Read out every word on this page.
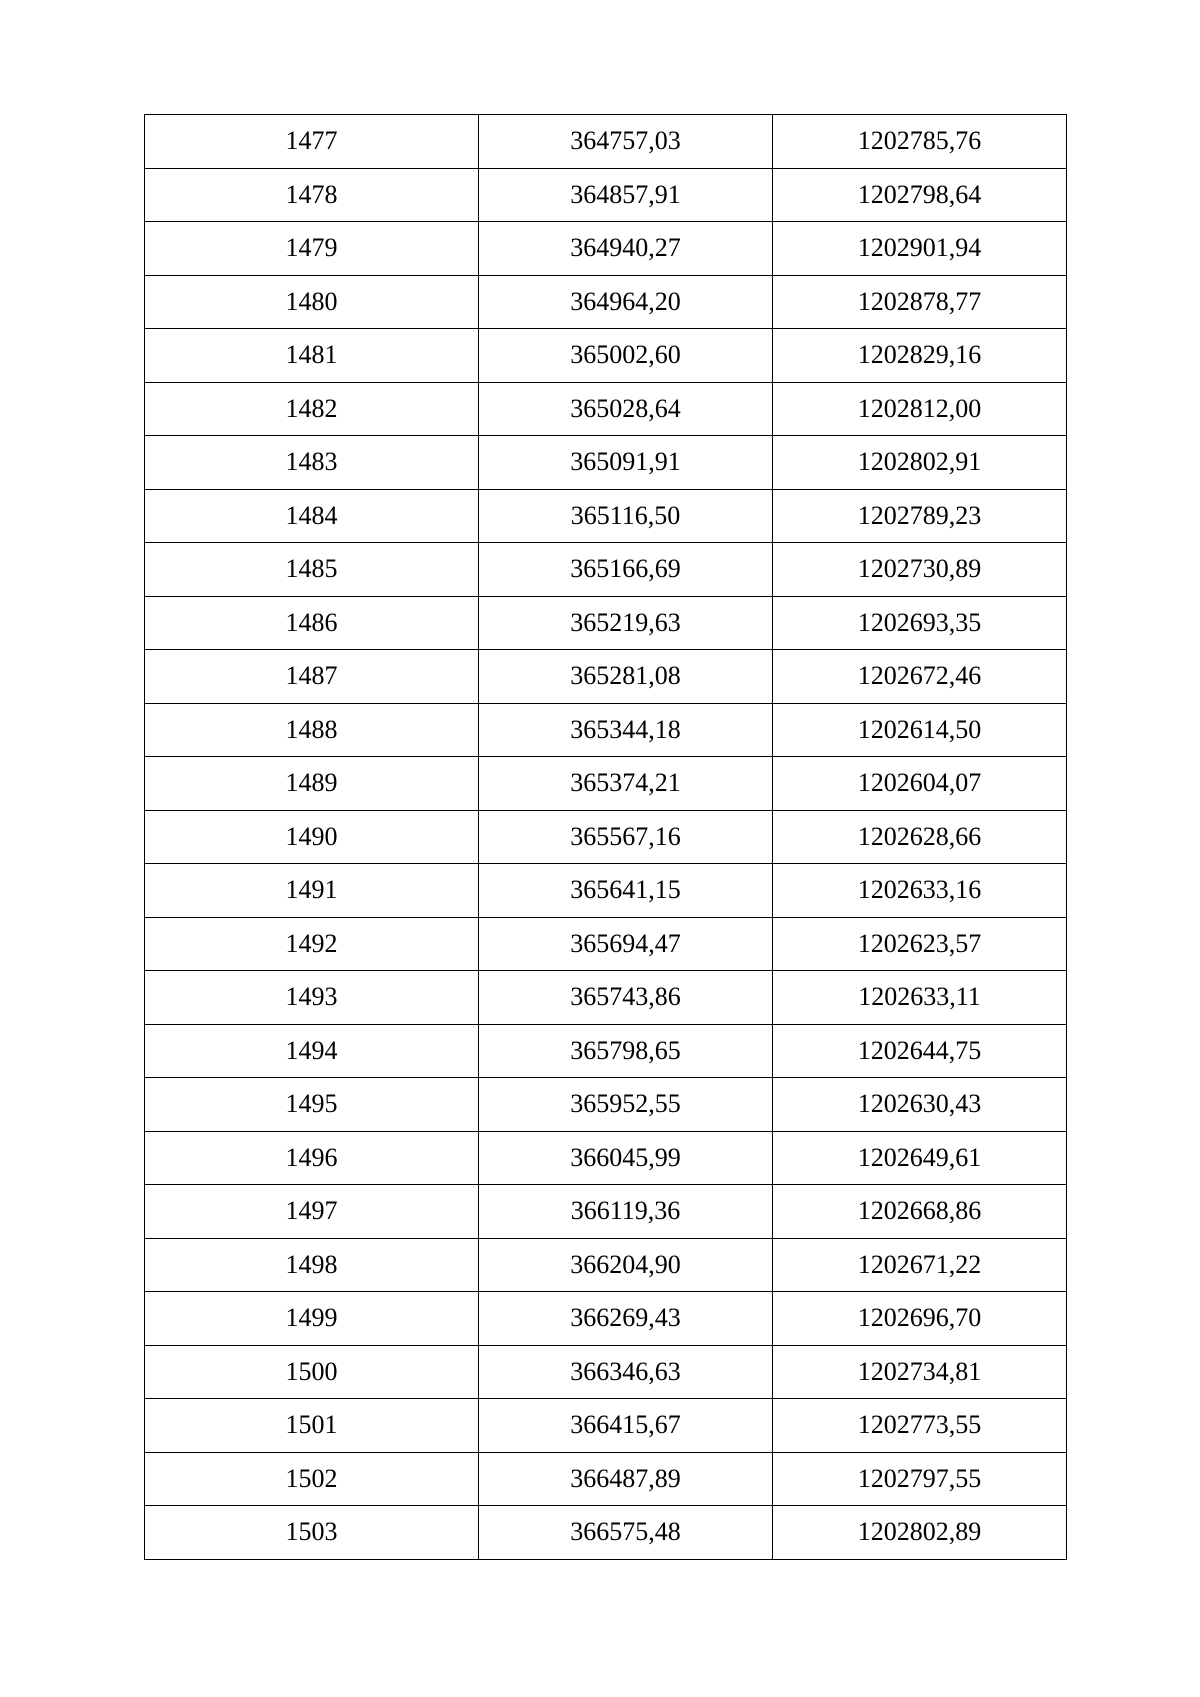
1477	364757,03	1202785,76
1478	364857,91	1202798,64
1479	364940,27	1202901,94
1480	364964,20	1202878,77
1481	365002,60	1202829,16
1482	365028,64	1202812,00
1483	365091,91	1202802,91
1484	365116,50	1202789,23
1485	365166,69	1202730,89
1486	365219,63	1202693,35
1487	365281,08	1202672,46
1488	365344,18	1202614,50
1489	365374,21	1202604,07
1490	365567,16	1202628,66
1491	365641,15	1202633,16
1492	365694,47	1202623,57
1493	365743,86	1202633,11
1494	365798,65	1202644,75
1495	365952,55	1202630,43
1496	366045,99	1202649,61
1497	366119,36	1202668,86
1498	366204,90	1202671,22
1499	366269,43	1202696,70
1500	366346,63	1202734,81
1501	366415,67	1202773,55
1502	366487,89	1202797,55
1503	366575,48	1202802,89
